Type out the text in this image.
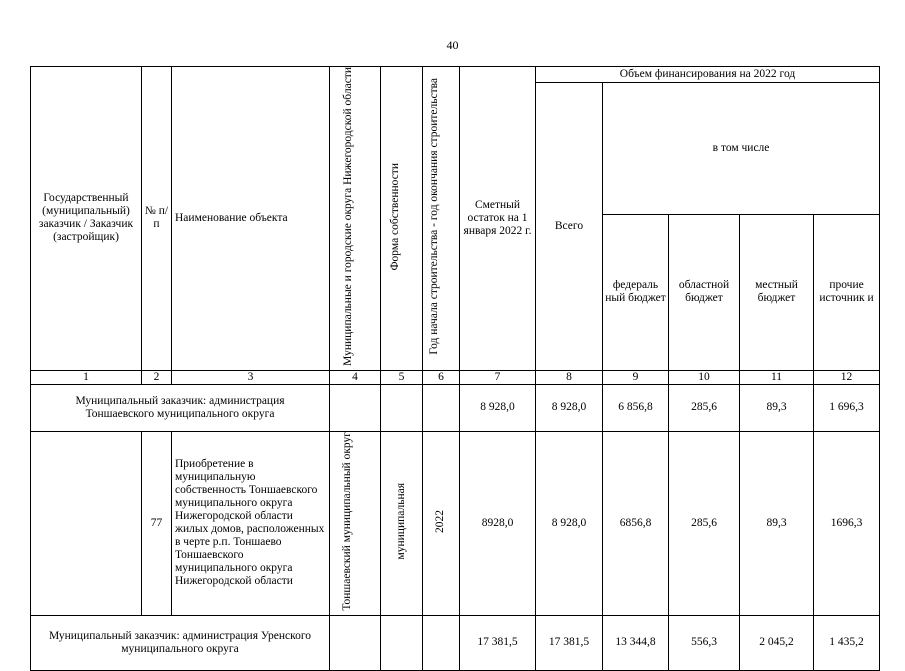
40
Государственный (муниципальный) заказчик / Заказчик (застройщик)	№ п/п	Наименование объекта	Муниципальные и городские округа Нижегородской области	Форма собственности	Год начала строительства - год окончания строительства	Сметный остаток на 1 января 2022 г.	Объем финансирования на 2022 год				
							Всего	в том числе			
								федераль ный бюджет	областной бюджет	местный бюджет	прочие источник и
1	2	3	4	5	6	7	8	9	10	11	12
Муниципальный заказчик: администрация Тоншаевского муниципального округа						8 928,0	8 928,0	6 856,8	285,6	89,3	1 696,3
	77	Приобретение в муниципальную собственность Тоншаевского муниципального округа Нижегородской области жилых домов, расположенных в черте р.п. Тоншаево Тоншаевского муниципального округа Нижегородской области	Тоншаевский муниципальный округ	муниципальная	2022	8928,0	8 928,0	6856,8	285,6	89,3	1696,3
Муниципальный заказчик: администрация Уренского муниципального округа						17 381,5	17 381,5	13 344,8	556,3	2 045,2	1 435,2
